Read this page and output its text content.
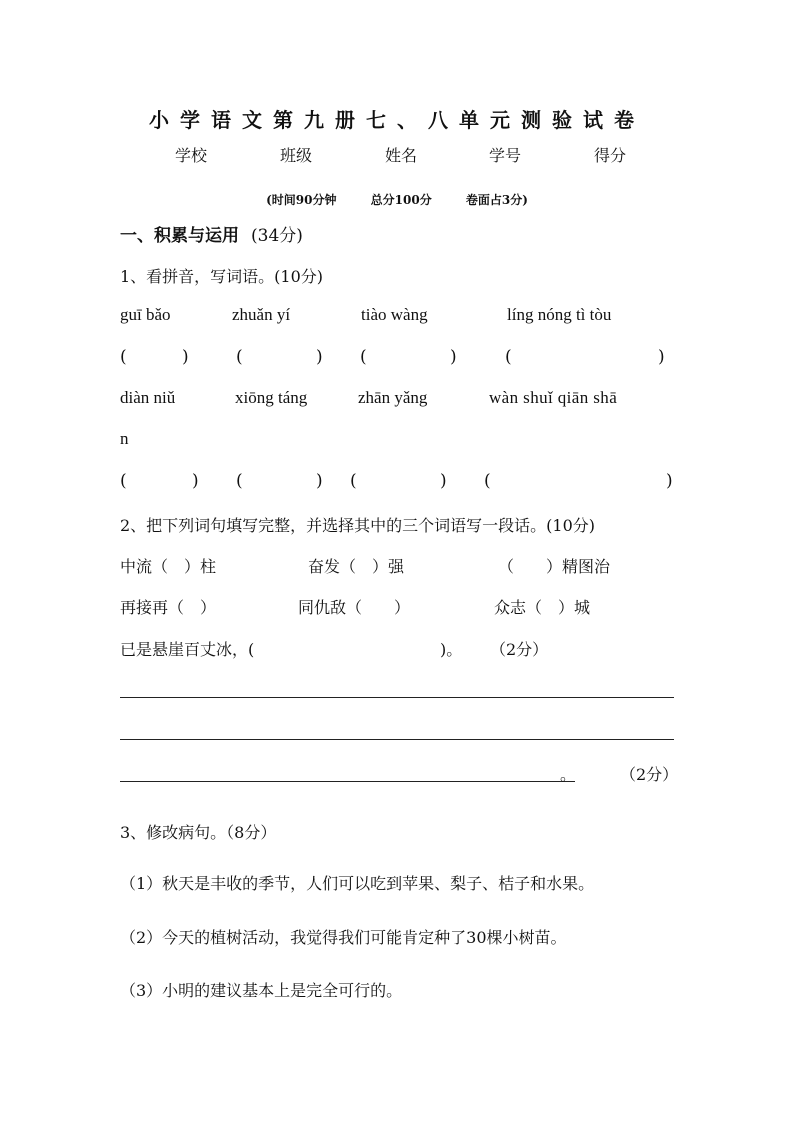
小学语文第九册七、八单元测验试卷
学校	班级	姓名	学号	得分
(时间90分钟	总分100分	卷面占3分)
一、积累与运用 (34分)
1、看拼音，写词语。(10分)
guī bǎo	zhuǎn yí	tiào wàng	líng nóng tì tòu
(	)	(	) (	)	(	)
diàn niǔ	xiōng táng	zhān yǎng	wàn shuǐ qiān shā
n
(	) (	) (	) (	)
2、把下列词句填写完整，并选择其中的三个词语写一段话。(10分)
中流（　）柱	奋发（　）强	（　　）精图治
再接再（　）	同仇敌（　　）	众志（　）城
已是悬崖百丈冰，(	)。 （2分）
。	（2分）
3、修改病句。（8分）
（1）秋天是丰收的季节，人们可以吃到苹果、梨子、桔子和水果。
（2）今天的植树活动，我觉得我们可能肯定种了30棵小树苗。
（3）小明的建议基本上是完全可行的。
